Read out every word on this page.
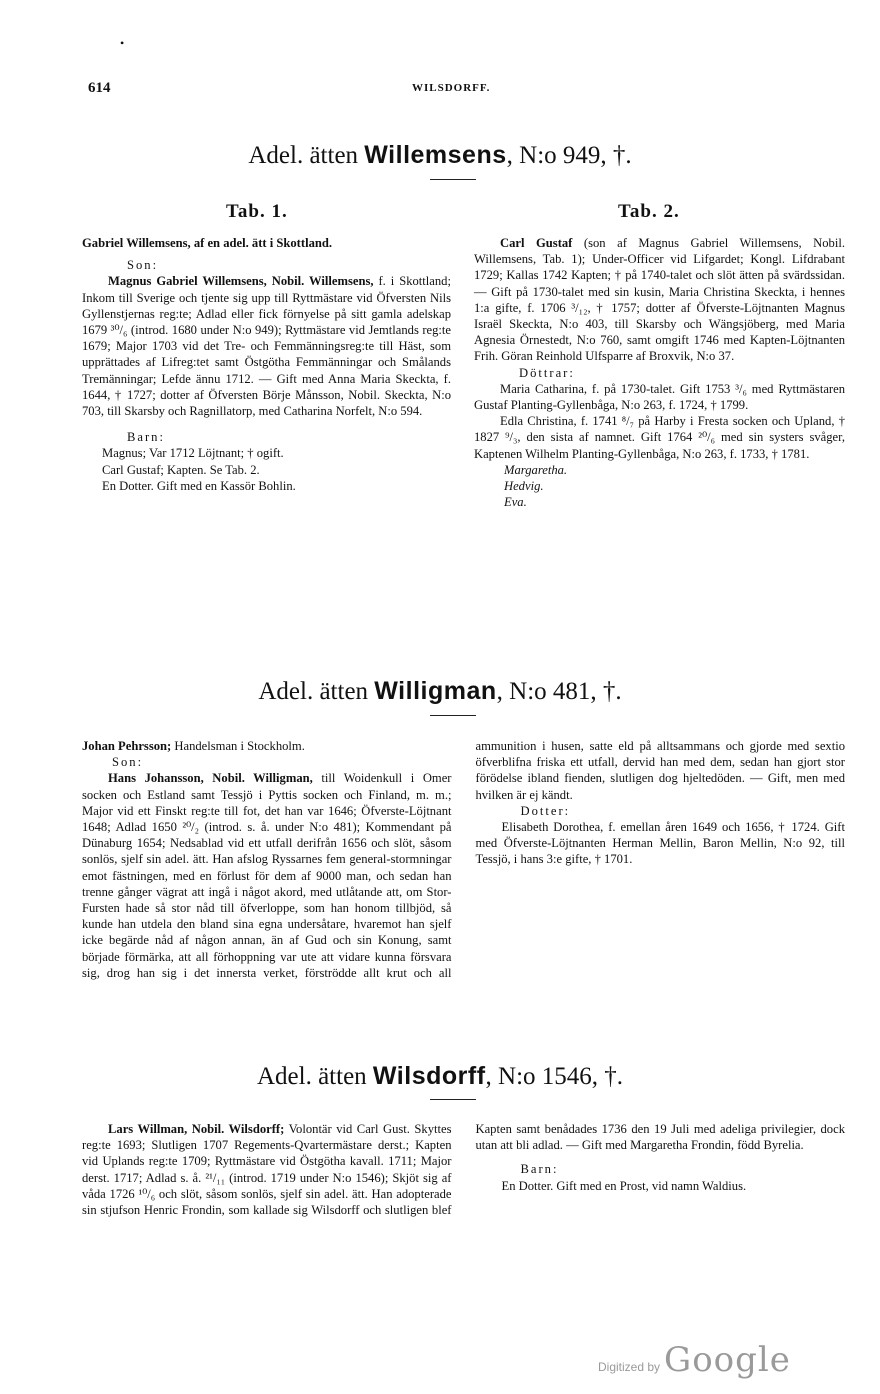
•
614	WILSDORFF.
Adel. ätten Willemsens, N:o 949, †.
Tab. 1.	Tab. 2.

Gabriel Willemsens, af en adel. ätt i Skottland.

Son:

Magnus Gabriel Willemsens, Nobil. Willemsens, f. i Skottland; Inkom till Sverige och tjente sig upp till Ryttmästare vid Öfversten Nils Gyllenstjernas reg:te; Adlad eller fick förnyelse på sitt gamla adelskap 1679 ³⁰/₆ (introd. 1680 under N:o 949); Ryttmästare vid Jemtlands reg:te 1679; Major 1703 vid det Tre- och Femmänningsreg:te till Häst, som upprättades af Lifreg:tet samt Östgötha Femmänningar och Smålands Tremänningar; Lefde ännu 1712. — Gift med Anna Maria Skeckta, f. 1644, † 1727; dotter af Öfversten Börje Månsson, Nobil. Skeckta, N:o 703, till Skarsby och Ragnillatorp, med Catharina Norfelt, N:o 594.

Barn:

Magnus; Var 1712 Löjtnant; † ogift.

Carl Gustaf; Kapten. Se Tab. 2.

En Dotter. Gift med en Kassör Bohlin.

Carl Gustaf (son af Magnus Gabriel Willemsens, Nobil. Willemsens, Tab. 1); Under-Officer vid Lifgardet; Kongl. Lifdrabant 1729; Kallas 1742 Kapten; † på 1740-talet och slöt ätten på svärdssidan. — Gift på 1730-talet med sin kusin, Maria Christina Skeckta, i hennes 1:a gifte, f. 1706 ³/₁₂, † 1757; dotter af Öfverste-Löjtnanten Magnus Israël Skeckta, N:o 403, till Skarsby och Wängsjöberg, med Maria Agnesia Örnestedt, N:o 760, samt omgift 1746 med Kapten-Löjtnanten Frih. Göran Reinhold Ulfsparre af Broxvik, N:o 37.

Döttrar:

Maria Catharina, f. på 1730-talet. Gift 1753 ³/₆ med Ryttmästaren Gustaf Planting-Gyllenbåga, N:o 263, f. 1724, † 1799.

Edla Christina, f. 1741 ⁸/₇ på Harby i Fresta socken och Upland, † 1827 ⁹/₃, den sista af namnet. Gift 1764 ²⁰/₆ med sin systers svåger, Kaptenen Wilhelm Planting-Gyllenbåga, N:o 263, f. 1733, † 1781.

Margaretha.

Hedvig.

Eva.

Adel. ätten Willigman, N:o 481, †.

Johan Pehrsson; Handelsman i Stockholm.

Son:

Hans Johansson, Nobil. Willigman, till Woidenkull i Omer socken och Estland samt Tessjö i Pyttis socken och Finland, m. m.; Major vid ett Finskt reg:te till fot, det han var 1646; Öfverste-Löjtnant 1648; Adlad 1650 ²⁰/₂ (introd. s. å. under N:o 481); Kommendant på Dünaburg 1654; Nedsablad vid ett utfall derifrån 1656 och slöt, såsom sonlös, sjelf sin adel. ätt. Han afslog Ryssarnes fem general-stormningar emot fästningen, med en förlust för dem af 9000 man, och sedan han trenne gånger vägrat att ingå i något akord, med utlåtande att, om Stor-Fursten hade så stor nåd till öfverloppe, som han honom tillbjöd, så kunde han utdela den bland sina egna undersåtare, hvaremot han sjelf icke begärde nåd af någon annan, än af Gud och sin Konung, samt började förmärka, att all förhoppning var ute att vidare kunna försvara sig, drog han sig i det innersta verket, förströdde allt krut och all ammunition i husen, satte eld på alltsammans och gjorde med sextio öfverblifna friska ett utfall, dervid han med dem, sedan han gjort stor förödelse ibland fienden, slutligen dog hjeltedöden. — Gift, men med hvilken är ej kändt.

Dotter:

Elisabeth Dorothea, f. emellan åren 1649 och 1656, † 1724. Gift med Öfverste-Löjtnanten Herman Mellin, Baron Mellin, N:o 92, till Tessjö, i hans 3:e gifte, † 1701.

Adel. ätten Wilsdorff, N:o 1546, †.

Lars Willman, Nobil. Wilsdorff; Volontär vid Carl Gust. Skyttes reg:te 1693; Slutligen 1707 Regements-Qvartermästare derst.; Kapten vid Uplands reg:te 1709; Ryttmästare vid Östgötha kavall. 1711; Major derst. 1717; Adlad s. å. ²¹/₁₁ (introd. 1719 under N:o 1546); Skjöt sig af våda 1726 ¹⁰/₆ och slöt, såsom sonlös, sjelf sin adel. ätt. Han adopterade sin stjufson Henric Frondin, som kallade sig Wilsdorff och slutligen blef Kapten samt benådades 1736 den 19 Juli med adeliga privilegier, dock utan att bli adlad. — Gift med Margaretha Frondin, född Byrelia.

Barn:

En Dotter. Gift med en Prost, vid namn Waldius.

Digitized by Google
